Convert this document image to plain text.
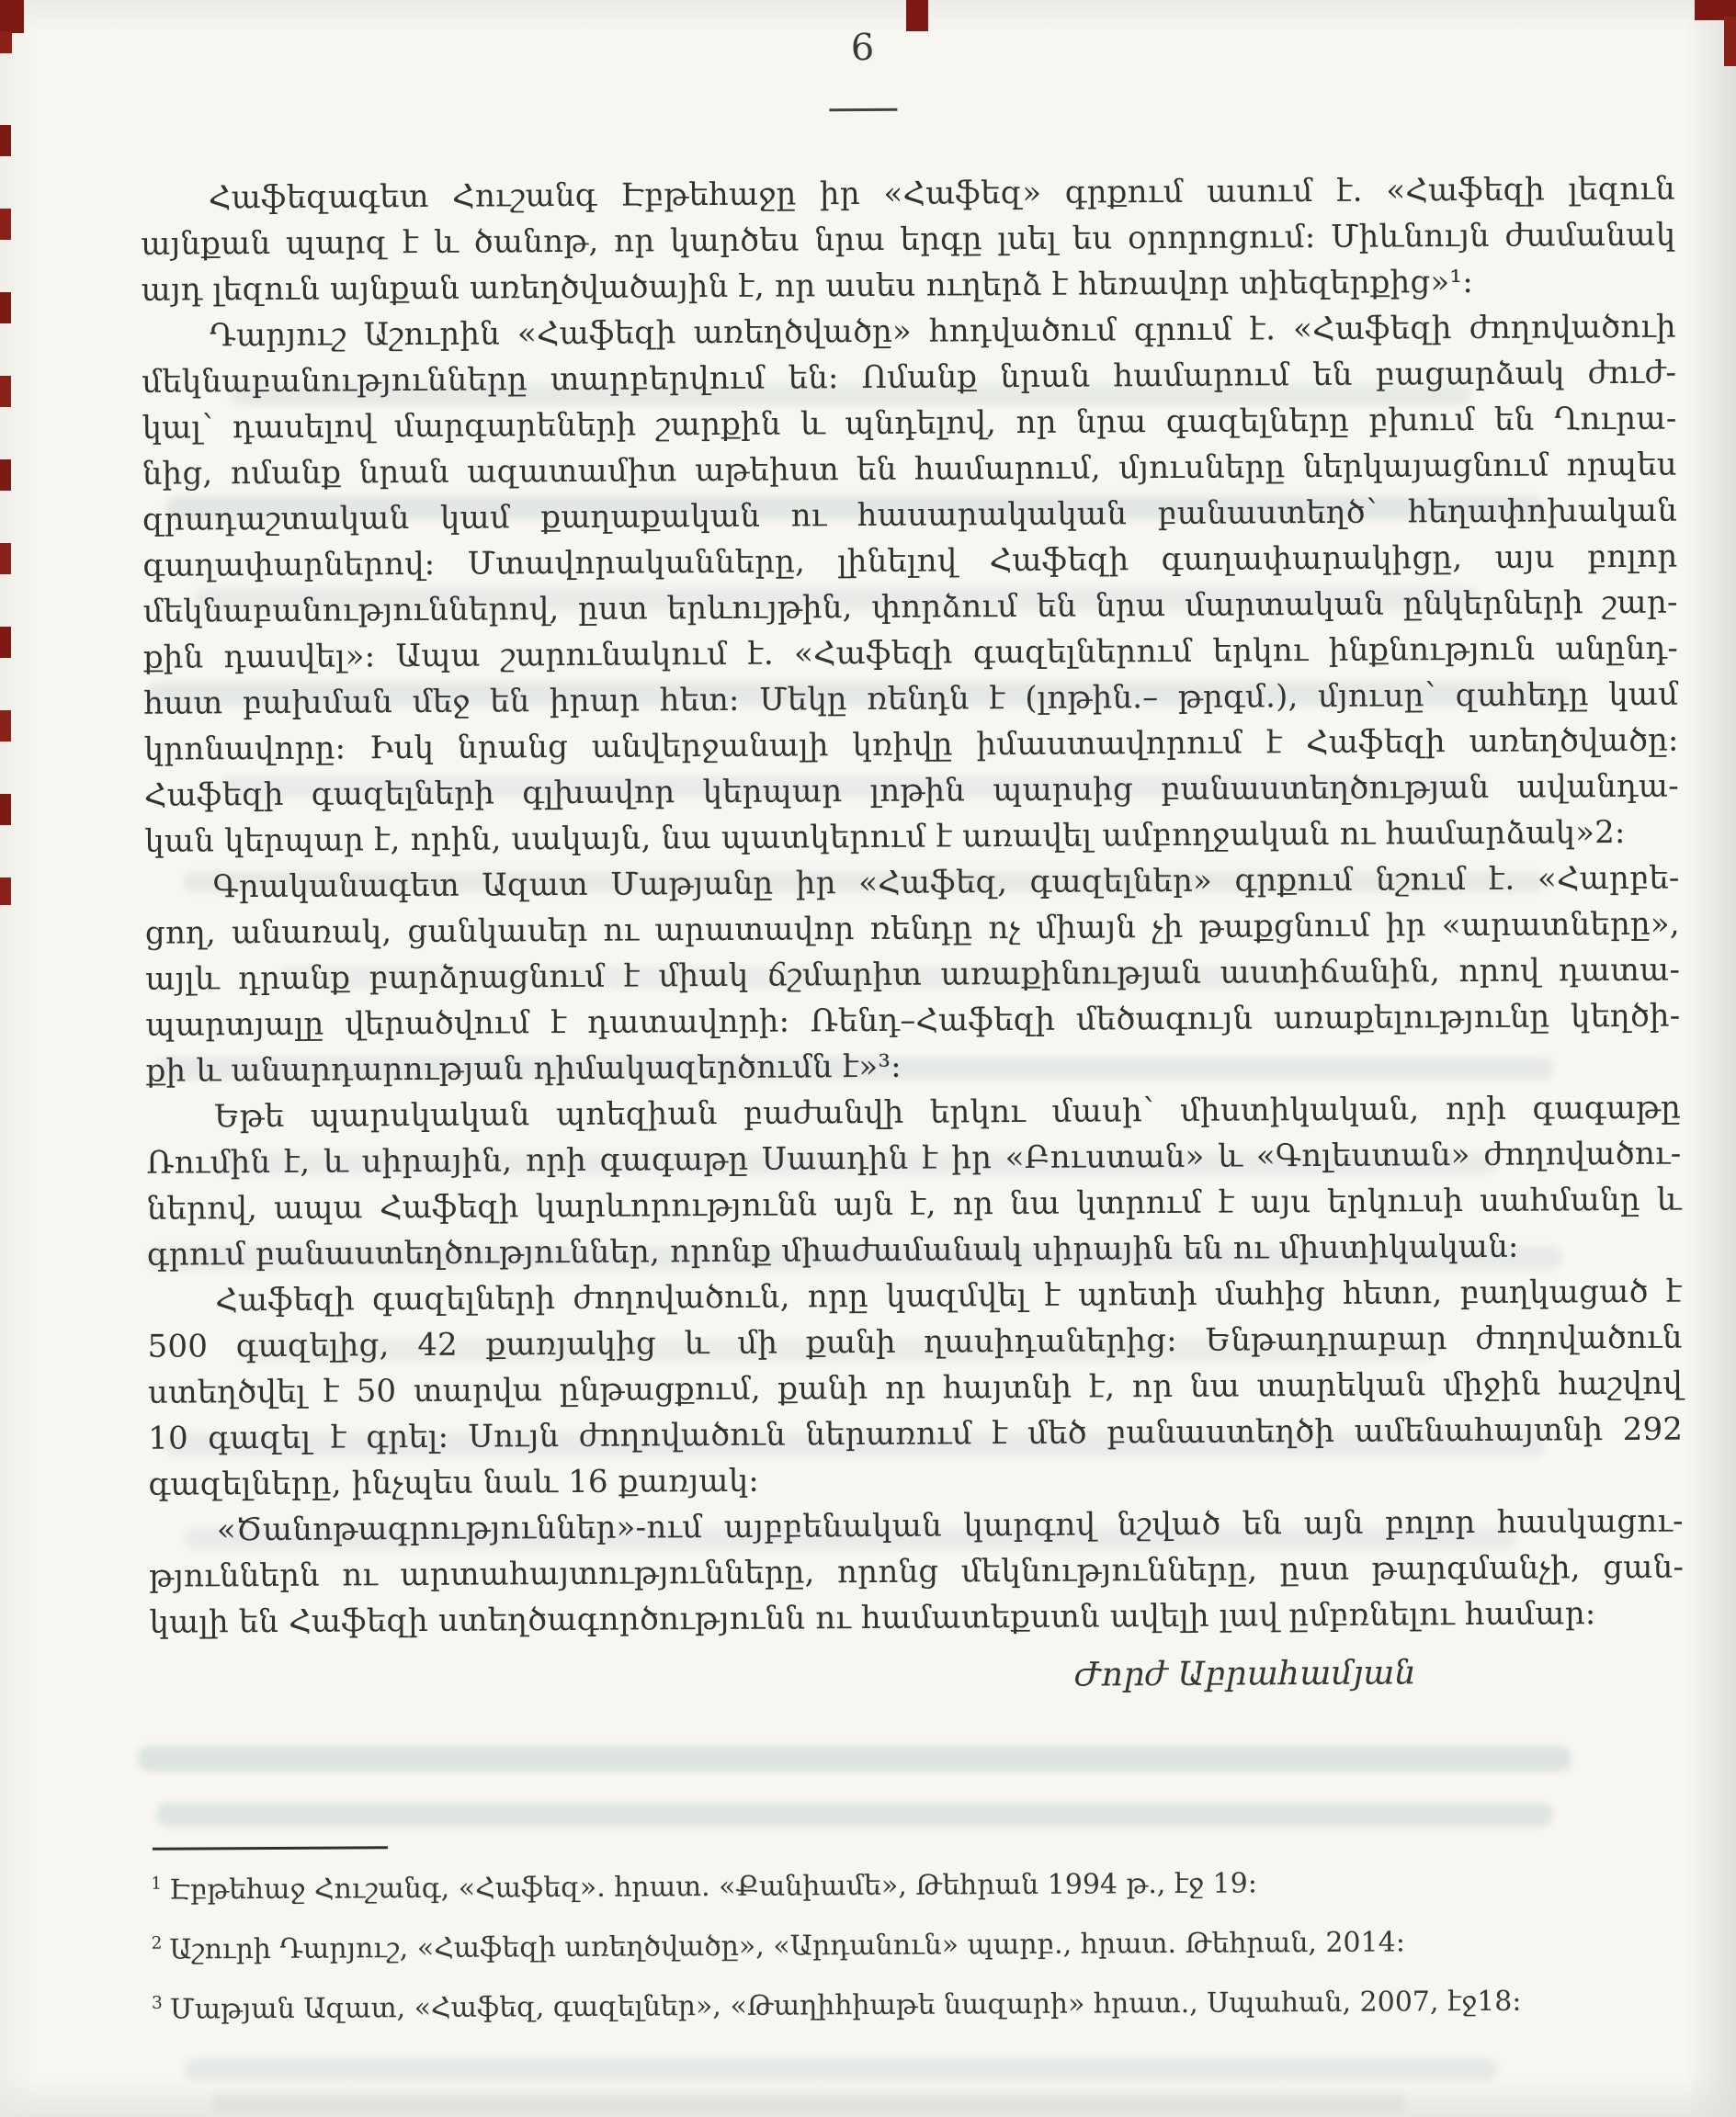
6
Հաֆեզագետ Հուշանգ Էբթեհաջը իր «Հաֆեզ» գրքում ասում է. «Հաֆեզի լեզուն
այնքան պարզ է և ծանոթ, որ կարծես նրա երգը լսել ես օրորոցում: Միևնույն ժամանակ
այդ լեզուն այնքան առեղծվածային է, որ ասես ուղերձ է հեռավոր տիեզերքից»¹:
Դարյուշ Աշուրին «Հաֆեզի առեղծվածը» հոդվածում գրում է. «Հաֆեզի ժողովածուի
մեկնաբանությունները տարբերվում են: Ոմանք նրան համարում են բացարձակ ժուժ-
կալ՝ դասելով մարգարեների շարքին և պնդելով, որ նրա գազելները բխում են Ղուրա-
նից, ոմանք նրան ազատամիտ աթեիստ են համարում, մյուսները ներկայացնում որպես
զրադաշտական կամ քաղաքական ու հասարակական բանաստեղծ՝ հեղափոխական
գաղափարներով: Մտավորականները, լինելով Հաֆեզի գաղափարակիցը, այս բոլոր
մեկնաբանություններով, ըստ երևույթին, փորձում են նրա մարտական ընկերների շար-
քին դասվել»: Ապա շարունակում է. «Հաֆեզի գազելներում երկու ինքնություն անընդ-
հատ բախման մեջ են իրար հետ: Մեկը ռենդն է (լոթին.– թրգմ.), մյուսը՝ զահեդը կամ
կրոնավորը: Իսկ նրանց անվերջանալի կռիվը իմաստավորում է Հաֆեզի առեղծվածը:
Հաֆեզի գազելների գլխավոր կերպար լոթին պարսից բանաստեղծության ավանդա-
կան կերպար է, որին, սակայն, նա պատկերում է առավել ամբողջական ու համարձակ»2:
Գրականագետ Ազատ Մաթյանը իր «Հաֆեզ, գազելներ» գրքում նշում է. «Հարբե-
ցող, անառակ, ցանկասեր ու արատավոր ռենդը ոչ միայն չի թաքցնում իր «արատները»,
այլև դրանք բարձրացնում է միակ ճշմարիտ առաքինության աստիճանին, որով դատա-
պարտյալը վերածվում է դատավորի: Ռենդ–Հաֆեզի մեծագույն առաքելությունը կեղծի-
քի և անարդարության դիմակազերծումն է»³:
Եթե պարսկական պոեզիան բաժանվի երկու մասի՝ միստիկական, որի գագաթը
Ռումին է, և սիրային, որի գագաթը Սաադին է իր «Բուստան» և «Գոլեստան» ժողովածու-
ներով, ապա Հաֆեզի կարևորությունն այն է, որ նա կտրում է այս երկուսի սահմանը և
գրում բանաստեղծություններ, որոնք միաժամանակ սիրային են ու միստիկական:
Հաֆեզի գազելների ժողովածուն, որը կազմվել է պոետի մահից հետո, բաղկացած է
500 գազելից, 42 քառյակից և մի քանի ղասիդաներից: Ենթադրաբար ժողովածուն
ստեղծվել է 50 տարվա ընթացքում, քանի որ հայտնի է, որ նա տարեկան միջին հաշվով
10 գազել է գրել: Սույն ժողովածուն ներառում է մեծ բանաստեղծի ամենահայտնի 292
գազելները, ինչպես նաև 16 քառյակ:
«Ծանոթագրություններ»-ում այբբենական կարգով նշված են այն բոլոր հասկացու-
թյուններն ու արտահայտությունները, որոնց մեկնությունները, ըստ թարգմանչի, ցան-
կալի են Հաֆեզի ստեղծագործությունն ու համատեքստն ավելի լավ ըմբռնելու համար:
Ժորժ Աբրահամյան
$^1$ Էբթեհաջ Հուշանգ, «Հաֆեզ». հրատ. «Քանիամե», Թեհրան 1994 թ., էջ 19:
$^2$ Աշուրի Դարյուշ, «Հաֆեզի առեղծվածը», «Արդանուն» պարբ., հրատ. Թեհրան, 2014:
$^3$ Մաթյան Ազատ, «Հաֆեզ, գազելներ», «Թաղիհիաթե նազարի» հրատ., Սպահան, 2007, էջ18:
